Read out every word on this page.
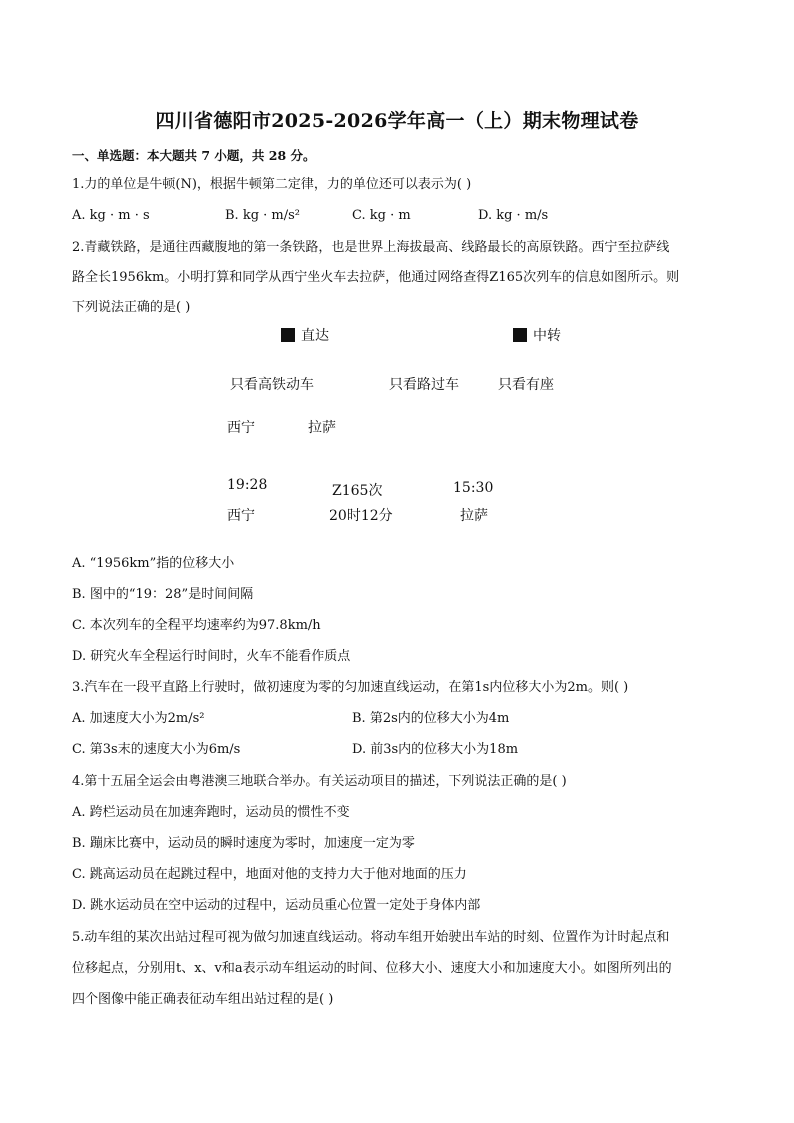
四川省德阳市2025-2026学年高一（上）期末物理试卷
一、单选题：本大题共 7 小题，共 28 分。
1.力的单位是牛顿(N)，根据牛顿第二定律，力的单位还可以表示为( )
A. kg · m · s	B. kg · m/s²	C. kg · m	D. kg · m/s
2.青藏铁路，是通往西藏腹地的第一条铁路，也是世界上海拔最高、线路最长的高原铁路。西宁至拉萨线
路全长1956km。小明打算和同学从西宁坐火车去拉萨，他通过网络查得Z165次列车的信息如图所示。则
下列说法正确的是( )
直达	中转
只看高铁动车	只看路过车	只看有座
西宁	拉萨
19:28	Z165次	15:30
西宁	20时12分	拉萨
A. “1956km”指的位移大小
B. 图中的“19：28”是时间间隔
C. 本次列车的全程平均速率约为97.8km/h
D. 研究火车全程运行时间时，火车不能看作质点
3.汽车在一段平直路上行驶时，做初速度为零的匀加速直线运动，在第1s内位移大小为2m。则( )
A. 加速度大小为2m/s²	B. 第2s内的位移大小为4m
C. 第3s末的速度大小为6m/s	D. 前3s内的位移大小为18m
4.第十五届全运会由粤港澳三地联合举办。有关运动项目的描述，下列说法正确的是( )
A. 跨栏运动员在加速奔跑时，运动员的惯性不变
B. 蹦床比赛中，运动员的瞬时速度为零时，加速度一定为零
C. 跳高运动员在起跳过程中，地面对他的支持力大于他对地面的压力
D. 跳水运动员在空中运动的过程中，运动员重心位置一定处于身体内部
5.动车组的某次出站过程可视为做匀加速直线运动。将动车组开始驶出车站的时刻、位置作为计时起点和
位移起点，分别用t、x、v和a表示动车组运动的时间、位移大小、速度大小和加速度大小。如图所列出的
四个图像中能正确表征动车组出站过程的是( )
